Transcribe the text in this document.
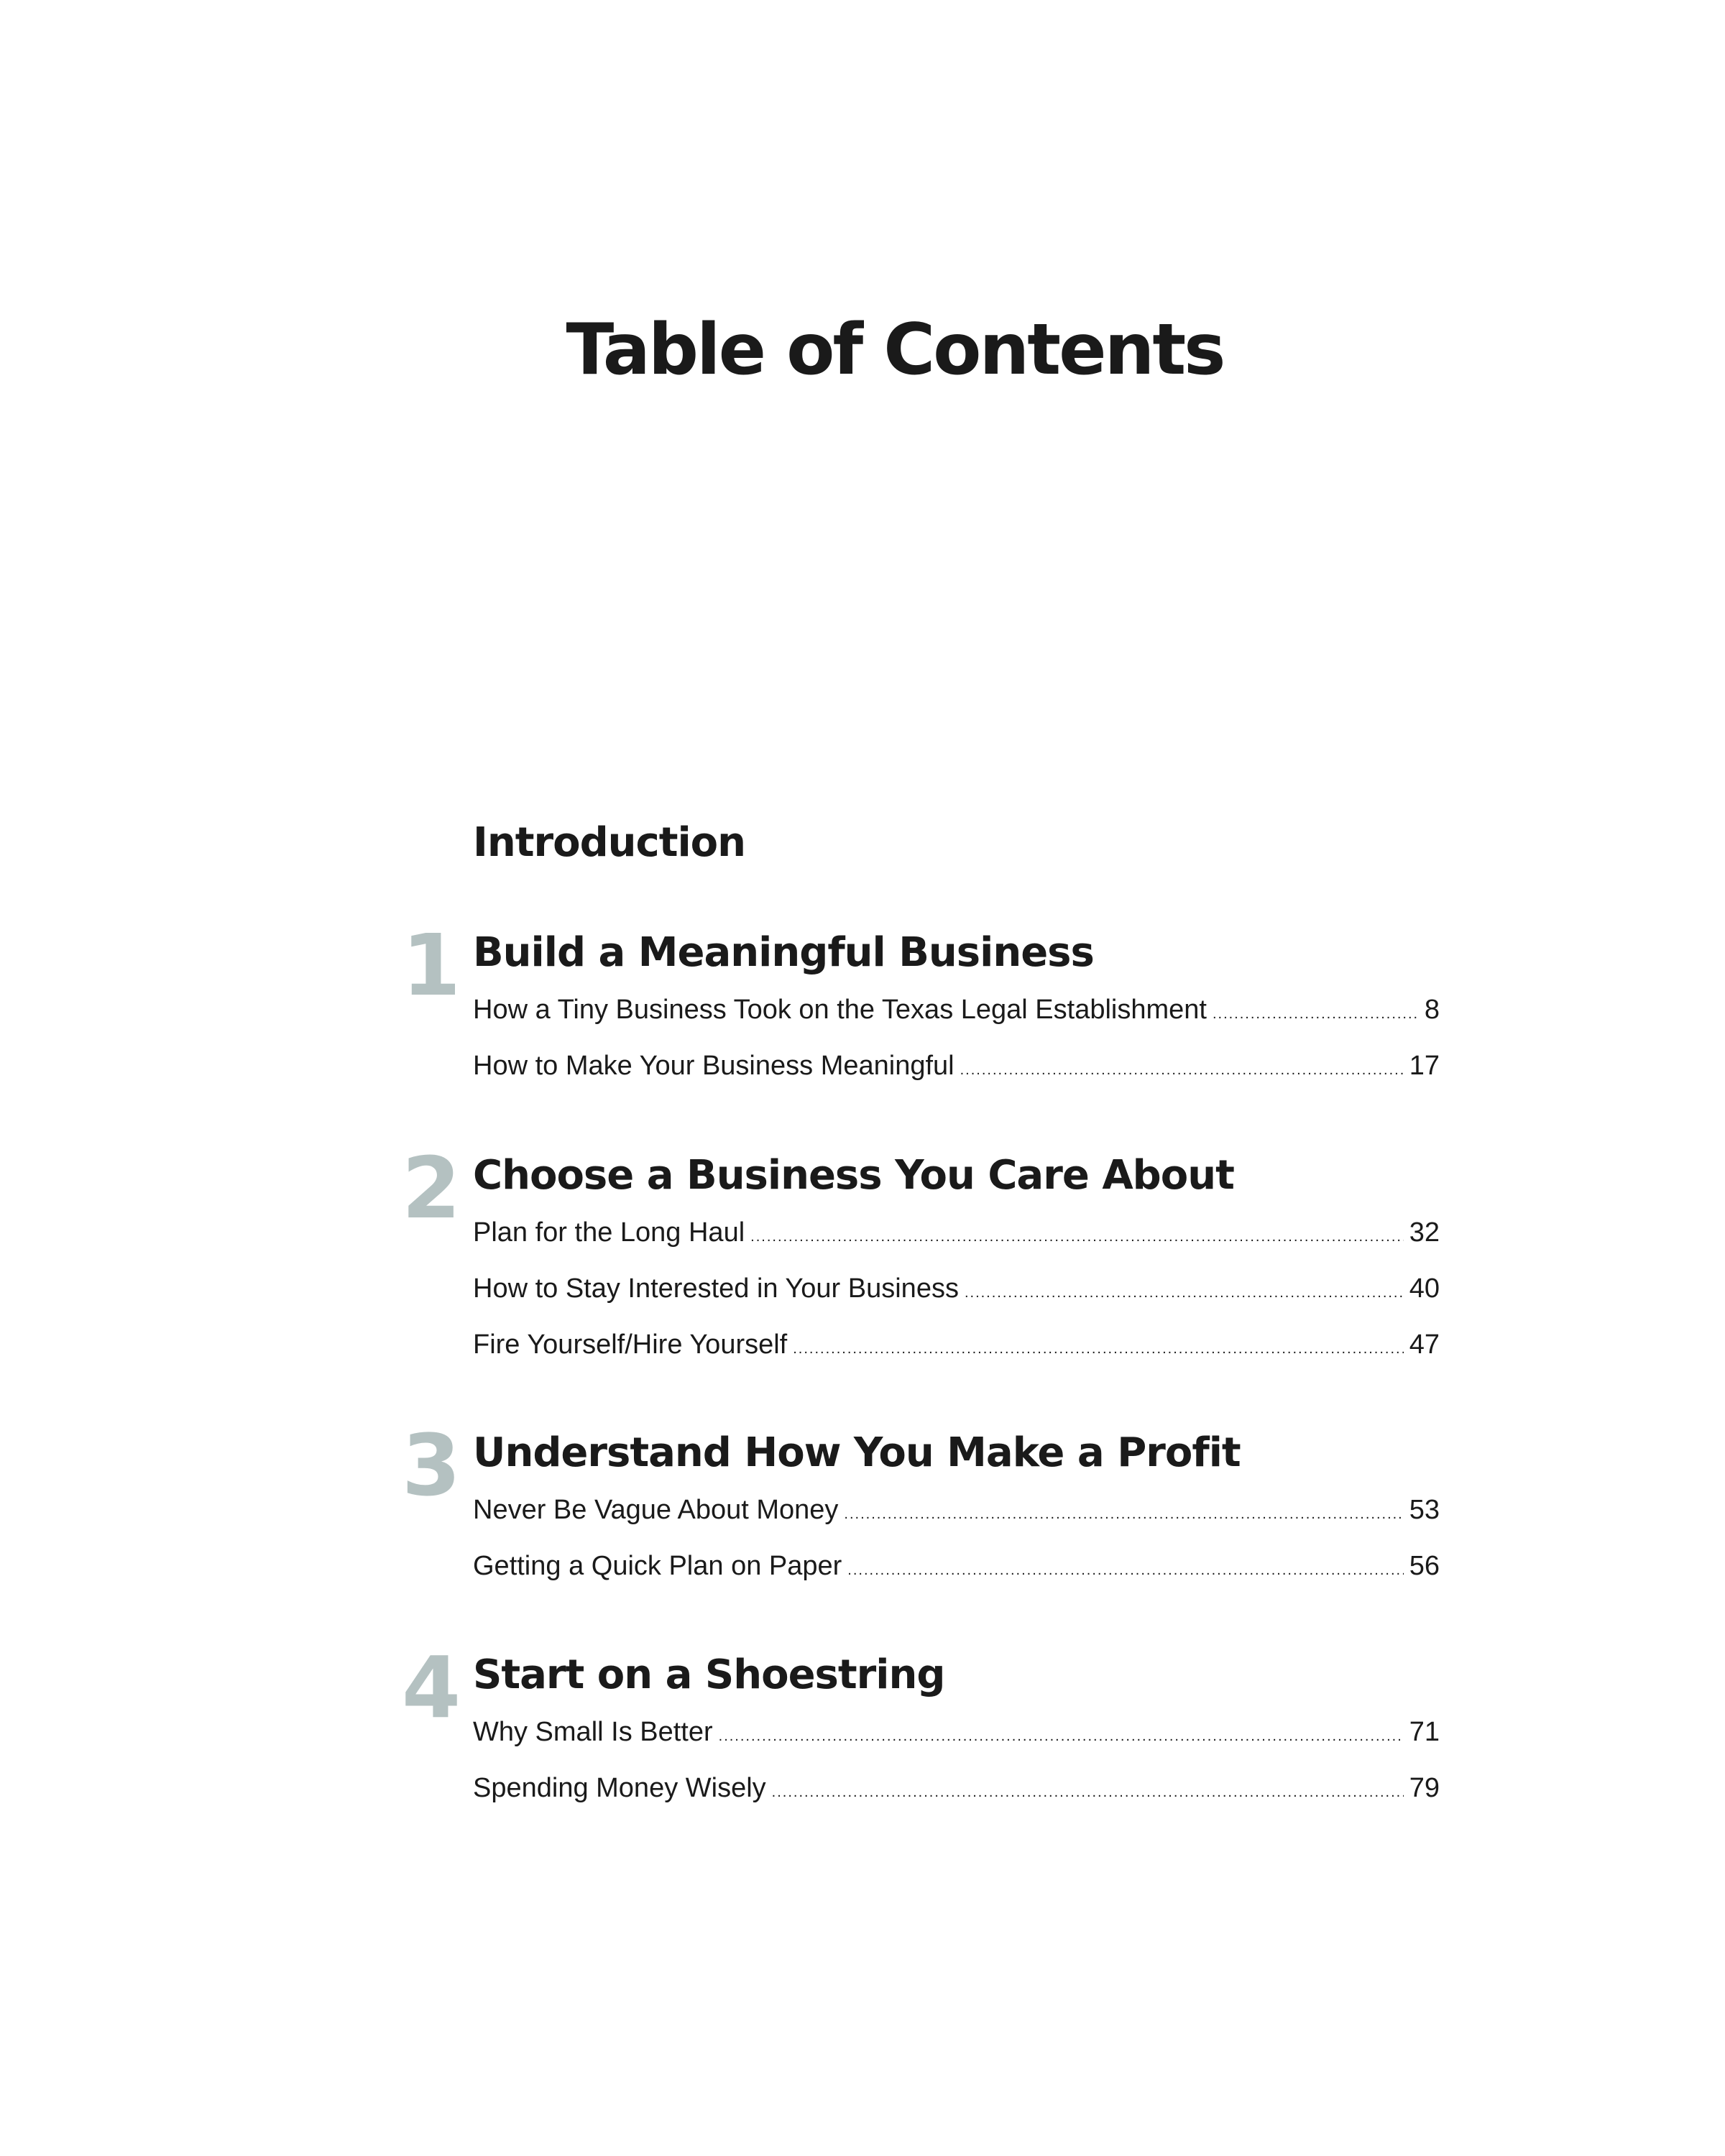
Table of Contents
Introduction
1 Build a Meaningful Business
How a Tiny Business Took on the Texas Legal Establishment .....	8
How to Make Your Business Meaningful .....	17
2 Choose a Business You Care About
Plan for the Long Haul .....	32
How to Stay Interested in Your Business .....	40
Fire Yourself/Hire Yourself .....	47
3 Understand How You Make a Profit
Never Be Vague About Money .....	53
Getting a Quick Plan on Paper .....	56
4 Start on a Shoestring
Why Small Is Better .....	71
Spending Money Wisely .....	79
